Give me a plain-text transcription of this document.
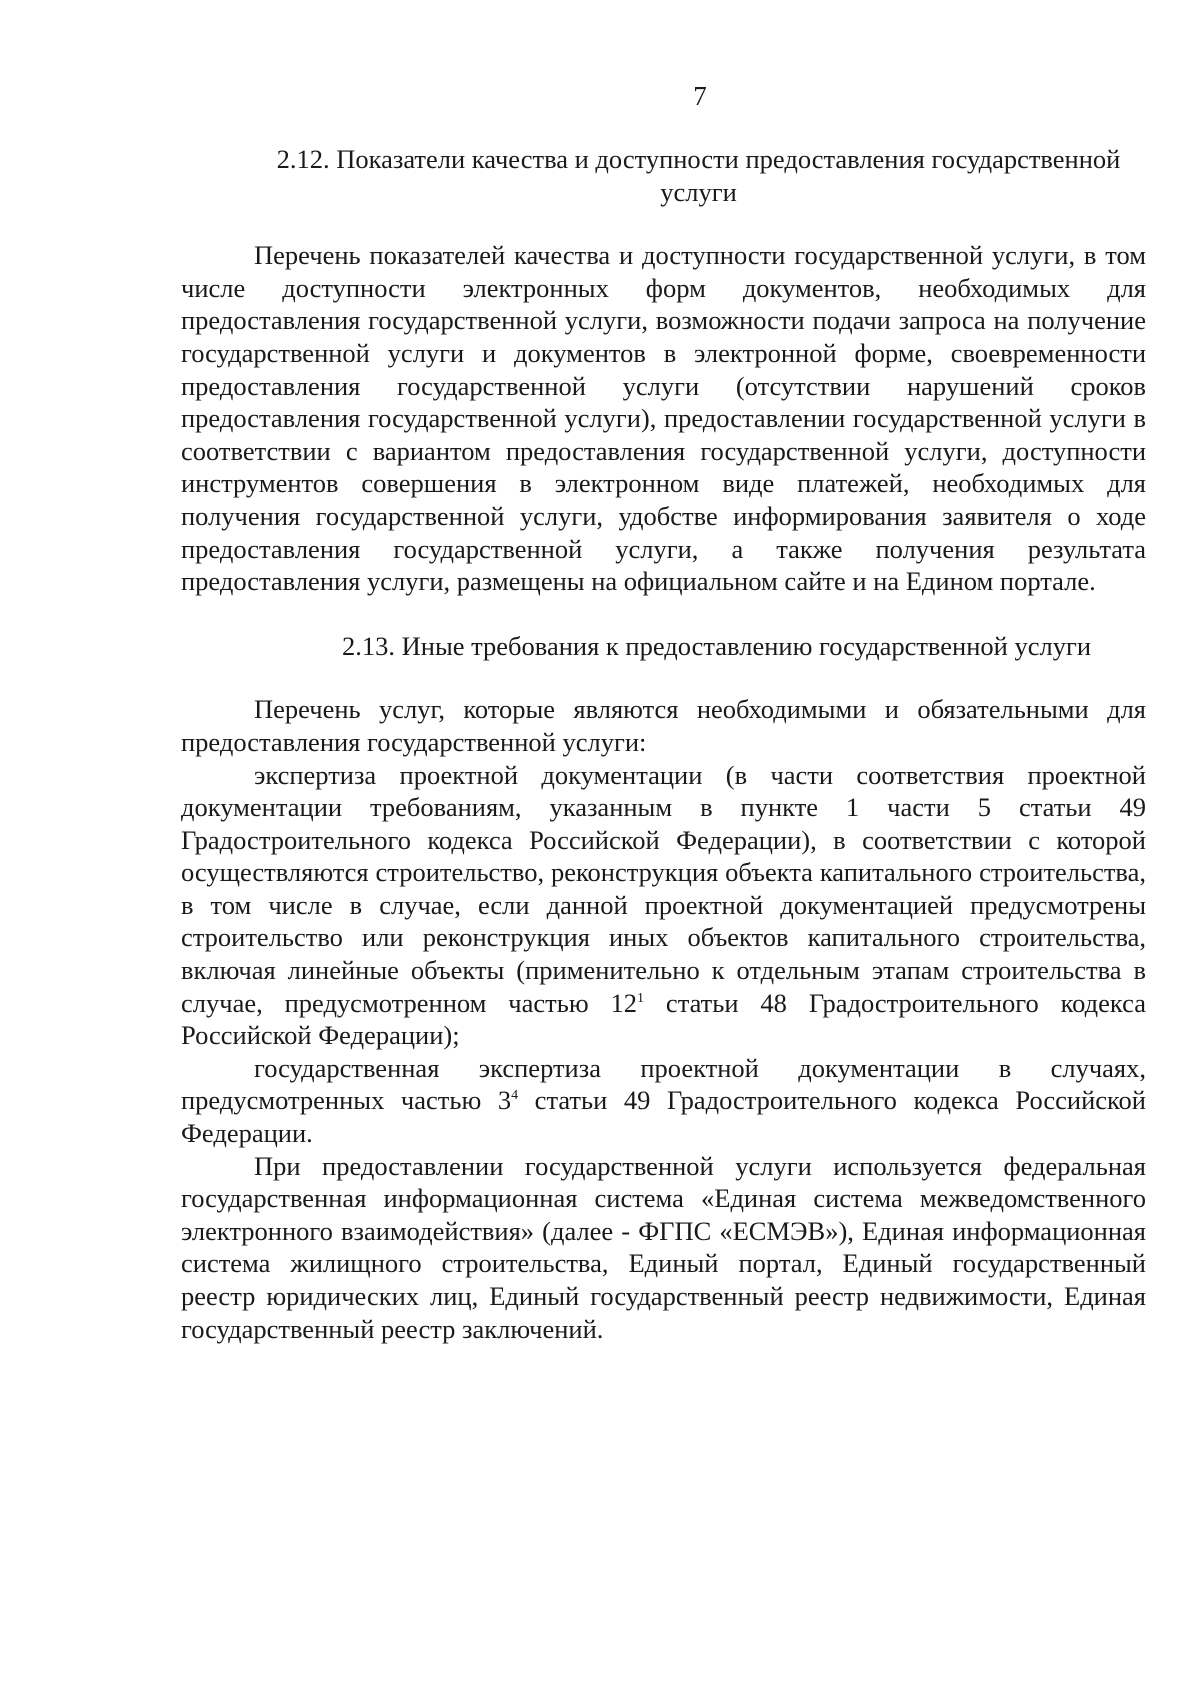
7
2.12. Показатели качества и доступности предоставления государственной услуги

Перечень показателей качества и доступности государственной услуги, в том числе доступности электронных форм документов, необходимых для предоставления государственной услуги, возможности подачи запроса на получение государственной услуги и документов в электронной форме, своевременности предоставления государственной услуги (отсутствии нарушений сроков предоставления государственной услуги), предоставлении государственной услуги в соответствии с вариантом предоставления государственной услуги, доступности инструментов совершения в электронном виде платежей, необходимых для получения государственной услуги, удобстве информирования заявителя о ходе предоставления государственной услуги, а также получения результата предоставления услуги, размещены на официальном сайте и на Едином портале.

2.13. Иные требования к предоставлению государственной услуги

Перечень услуг, которые являются необходимыми и обязательными для предоставления государственной услуги:

экспертиза проектной документации (в части соответствия проектной документации требованиям, указанным в пункте 1 части 5 статьи 49 Градостроительного кодекса Российской Федерации), в соответствии с которой осуществляются строительство, реконструкция объекта капитального строительства, в том числе в случае, если данной проектной документацией предусмотрены строительство или реконструкция иных объектов капитального строительства, включая линейные объекты (применительно к отдельным этапам строительства в случае, предусмотренном частью $12^1$ статьи 48 Градостроительного кодекса Российской Федерации);

государственная экспертиза проектной документации в случаях, предусмотренных частью $3^4$ статьи 49 Градостроительного кодекса Российской Федерации.

При предоставлении государственной услуги используется федеральная государственная информационная система «Единая система межведомственного электронного взаимодействия» (далее - ФГПС «ЕСМЭВ»), Единая информационная система жилищного строительства, Единый портал, Единый государственный реестр юридических лиц, Единый государственный реестр недвижимости, Единая государственный реестр заключений.
